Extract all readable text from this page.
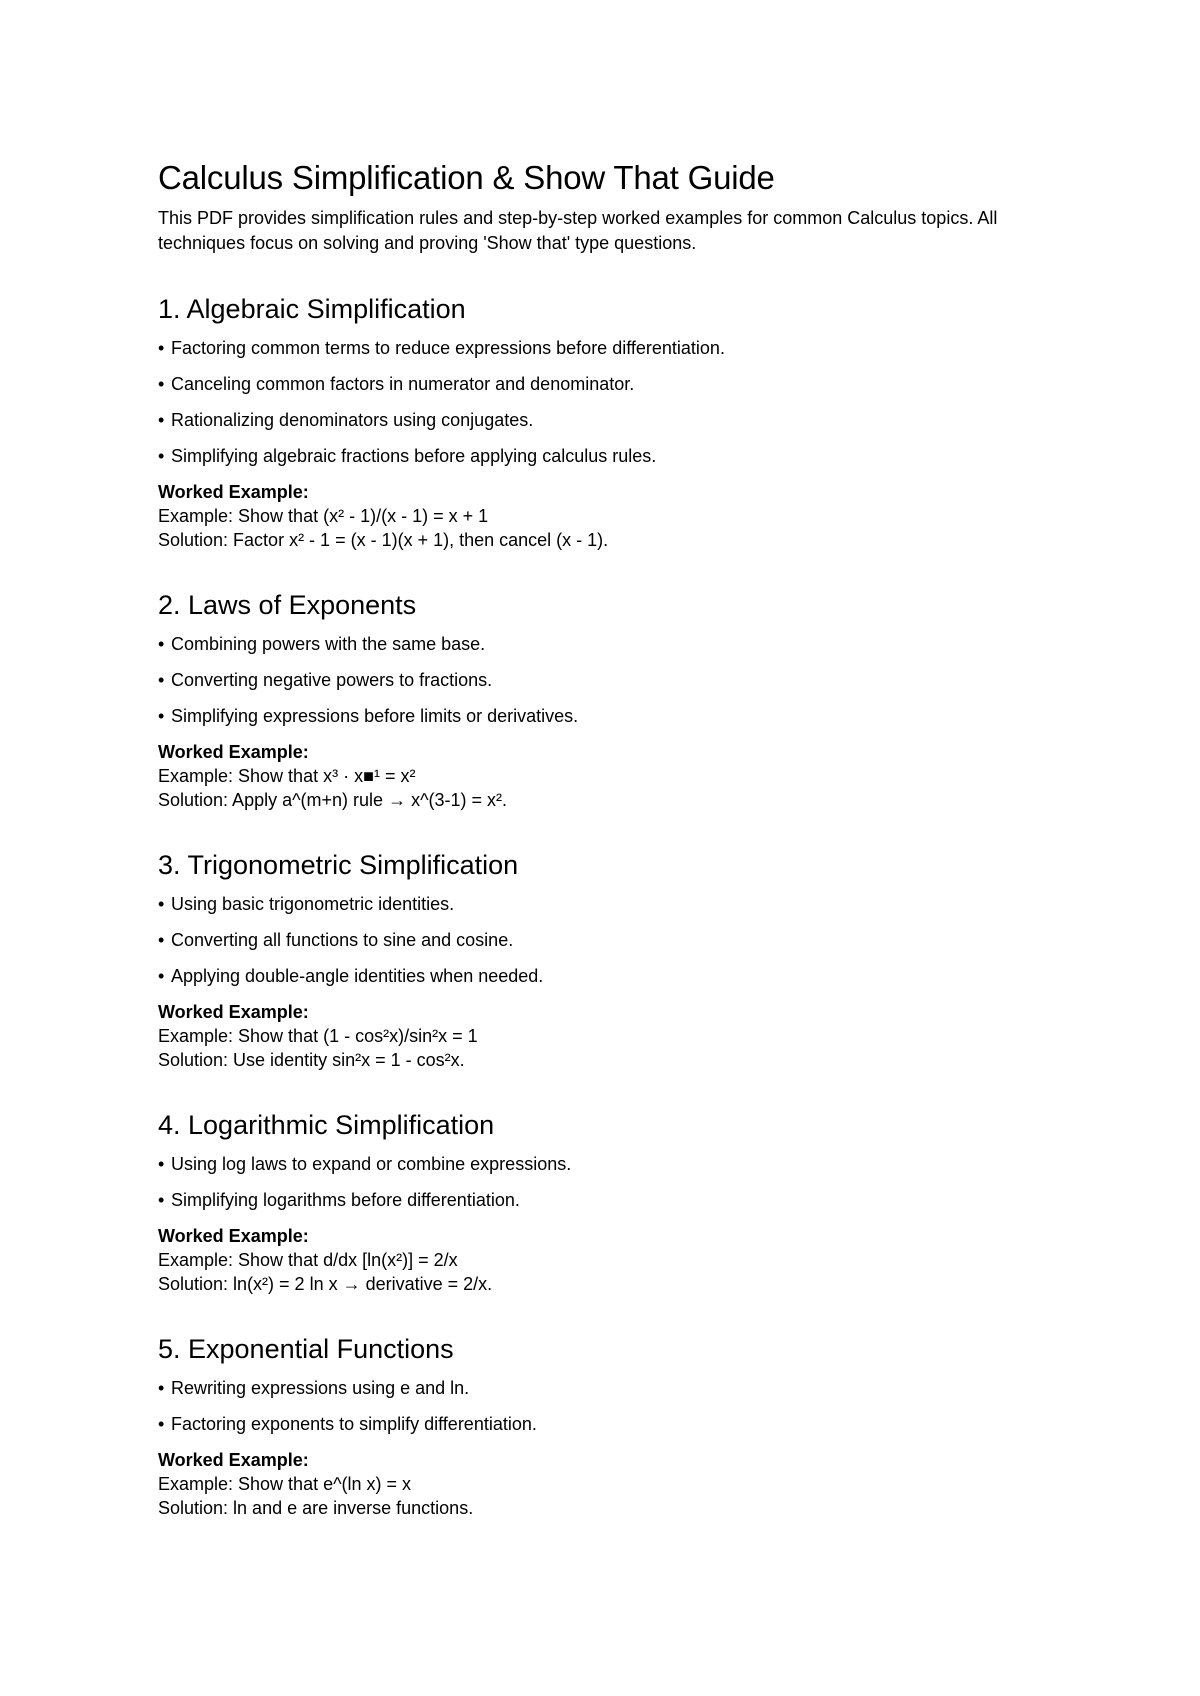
Calculus Simplification & Show That Guide

This PDF provides simplification rules and step-by-step worked examples for common Calculus topics. All techniques focus on solving and proving 'Show that' type questions.

1. Algebraic Simplification
• Factoring common terms to reduce expressions before differentiation.
• Canceling common factors in numerator and denominator.
• Rationalizing denominators using conjugates.
• Simplifying algebraic fractions before applying calculus rules.
Worked Example:
Example: Show that (x² - 1)/(x - 1) = x + 1
Solution: Factor x² - 1 = (x - 1)(x + 1), then cancel (x - 1).
2. Laws of Exponents
• Combining powers with the same base.
• Converting negative powers to fractions.
• Simplifying expressions before limits or derivatives.
Worked Example:
Example: Show that x³ · x■¹ = x²
Solution: Apply a^(m+n) rule → x^(3-1) = x².
3. Trigonometric Simplification
• Using basic trigonometric identities.
• Converting all functions to sine and cosine.
• Applying double-angle identities when needed.
Worked Example:
Example: Show that (1 - cos²x)/sin²x = 1
Solution: Use identity sin²x = 1 - cos²x.
4. Logarithmic Simplification
• Using log laws to expand or combine expressions.
• Simplifying logarithms before differentiation.
Worked Example:
Example: Show that d/dx [ln(x²)] = 2/x
Solution: ln(x²) = 2 ln x → derivative = 2/x.
5. Exponential Functions
• Rewriting expressions using e and ln.
• Factoring exponents to simplify differentiation.
Worked Example:
Example: Show that e^(ln x) = x
Solution: ln and e are inverse functions.
